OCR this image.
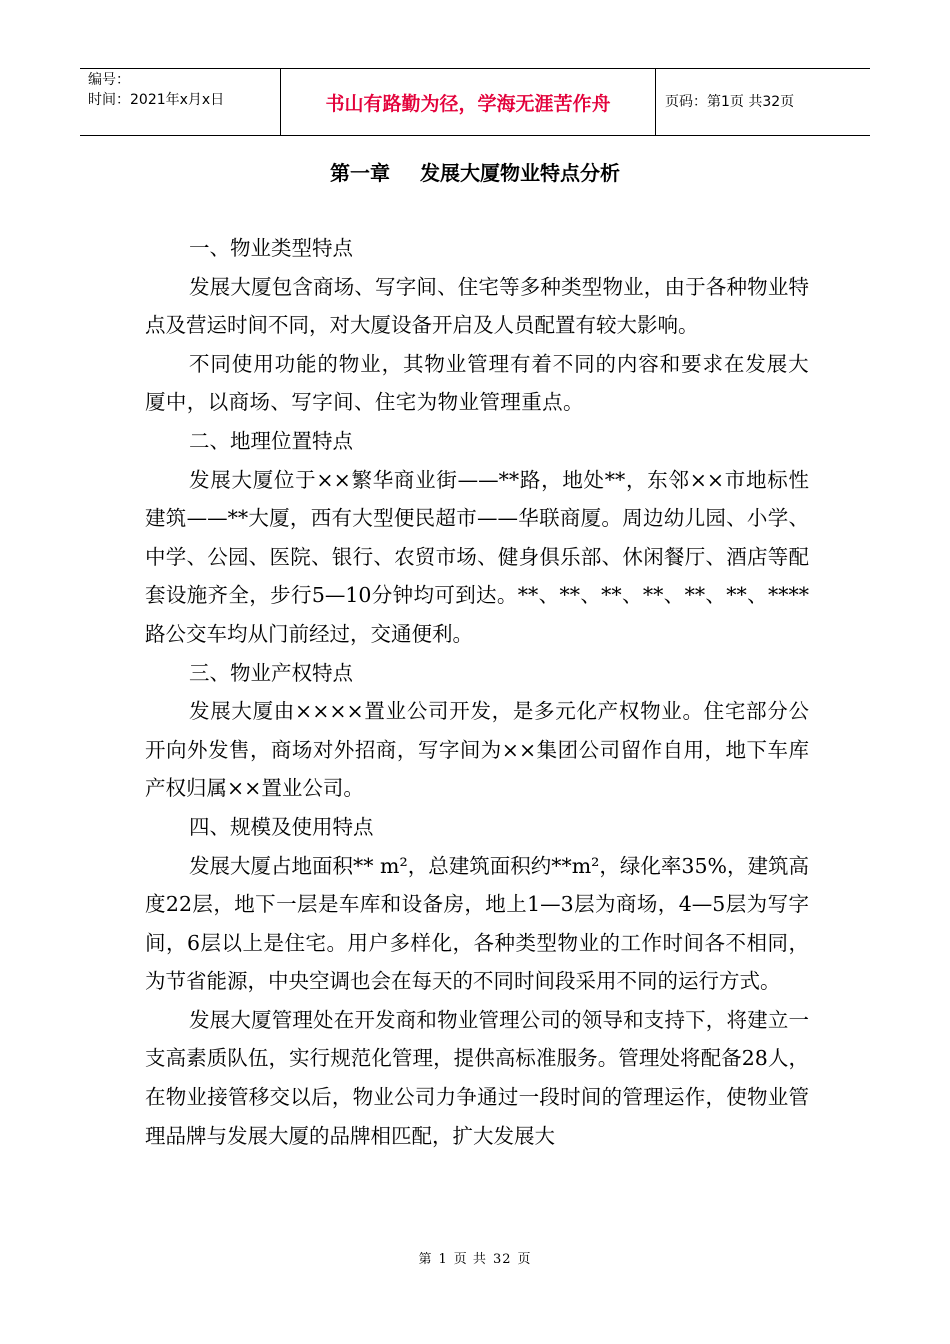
编号：
时间：2021年x月x日	书山有路勤为径，学海无涯苦作舟	页码：第1页 共32页
第一章 发展大厦物业特点分析

一、物业类型特点

发展大厦包含商场、写字间、住宅等多种类型物业，由于各种物业特点及营运时间不同，对大厦设备开启及人员配置有较大影响。

不同使用功能的物业，其物业管理有着不同的内容和要求在发展大厦中，以商场、写字间、住宅为物业管理重点。

二、地理位置特点

发展大厦位于××繁华商业街——**路，地处**，东邻××市地标性建筑——**大厦，西有大型便民超市——华联商厦。周边幼儿园、小学、中学、公园、医院、银行、农贸市场、健身俱乐部、休闲餐厅、酒店等配套设施齐全，步行5—10分钟均可到达。**、**、**、**、**、**、****路公交车均从门前经过，交通便利。

三、物业产权特点

发展大厦由××××置业公司开发，是多元化产权物业。住宅部分公开向外发售，商场对外招商，写字间为××集团公司留作自用，地下车库产权归属××置业公司。

四、规模及使用特点

发展大厦占地面积** m²，总建筑面积约**m²，绿化率35%，建筑高度22层，地下一层是车库和设备房，地上1—3层为商场，4—5层为写字间，6层以上是住宅。用户多样化，各种类型物业的工作时间各不相同，为节省能源，中央空调也会在每天的不同时间段采用不同的运行方式。

发展大厦管理处在开发商和物业管理公司的领导和支持下，将建立一支高素质队伍，实行规范化管理，提供高标准服务。管理处将配备28人，在物业接管移交以后，物业公司力争通过一段时间的管理运作，使物业管理品牌与发展大厦的品牌相匹配，扩大发展大

第 1 页 共 32 页
